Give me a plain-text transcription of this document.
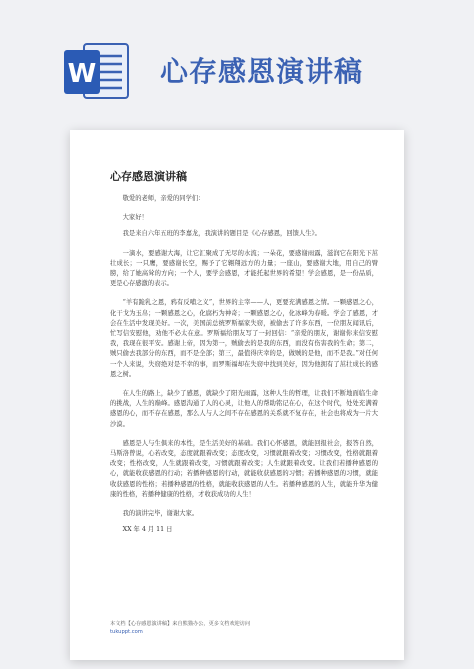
W 心存感恩演讲稿
心存感恩演讲稿

敬爱的老师，亲爱的同学们：

大家好！

我是来自六年五班的李嘉龙，我演讲的题目是《心存感恩，回馈人生》。

一滴水，要感谢大海，让它汇聚成了无尽的水流；一朵花，要感谢雨露，滋润它在阳光下茁壮成长；一只鹰，要感谢长空，赐予了它翱翔远方的力量；一座山，要感谢大地，用自己的臂膀，给了她高耸的方向；一个人，要学会感恩，才能托起世界的希望！学会感恩，是一份品质，更是心存感激的表示。

“羊有跪乳之恩，鸦有反哺之义”，世界的主宰——人，更要充满感恩之情。一颗感恩之心，化干戈为玉帛；一颗感恩之心，化腐朽为神奇；一颗感恩之心，化冰峰为春暖。学会了感恩，才会在生活中发现美好。一次，美国前总统罗斯福家失窃，被偷去了许多东西，一位朋友闻讯后，忙写信安慰他，劝他不必太在意。罗斯福给朋友写了一封回信：“亲爱的朋友，谢谢你来信安慰我，我现在很平安。感谢上帝，因为第一，贼偷去的是我的东西，而没有伤害我的生命；第二，贼只偷去我部分的东西，而不是全部；第三，最值得庆幸的是，做贼的是他，而不是我。”对任何一个人来说，失窃绝对是不幸的事，而罗斯福却在失窃中找到美好，因为他拥有了茁壮成长的感恩之树。

在人生的路上，缺少了感恩，就缺少了阳光雨露，这种人生的哲理，让我们不断地面临生命的挑战，人生的巅峰。感恩沟通了人的心灵，让他人的帮助铭记在心，在这个时代，处处充满着感恩的心，而不存在感恩，那么人与人之间不存在感恩的关系就不复存在，社会也将成为一片大沙漠。

感恩是人与生俱来的本性，是生活美好的基础。我们心怀感恩，就能回报社会，报答自然，马斯洛曾说，心若改变，态度就跟着改变；态度改变，习惯就跟着改变；习惯改变，性格就跟着改变；性格改变，人生就跟着改变，习惯就跟着改变；人生就跟着改变。让我们若播种感恩的心，就能收获感恩的行动；若播种感恩的行动，就能收获感恩的习惯；若播种感恩的习惯，就能收获感恩的性格；若播种感恩的性格，就能收获感恩的人生。若播种感恩的人生，就能升华为健康的性格，若播种健康的性格，才收获成功的人生！

我的演讲完毕，谢谢大家。

XX 年 4 月 11 日

本文档【心存感恩演讲稿】来自熊猫办公，更多文档欢迎访问
tukuppt.com
